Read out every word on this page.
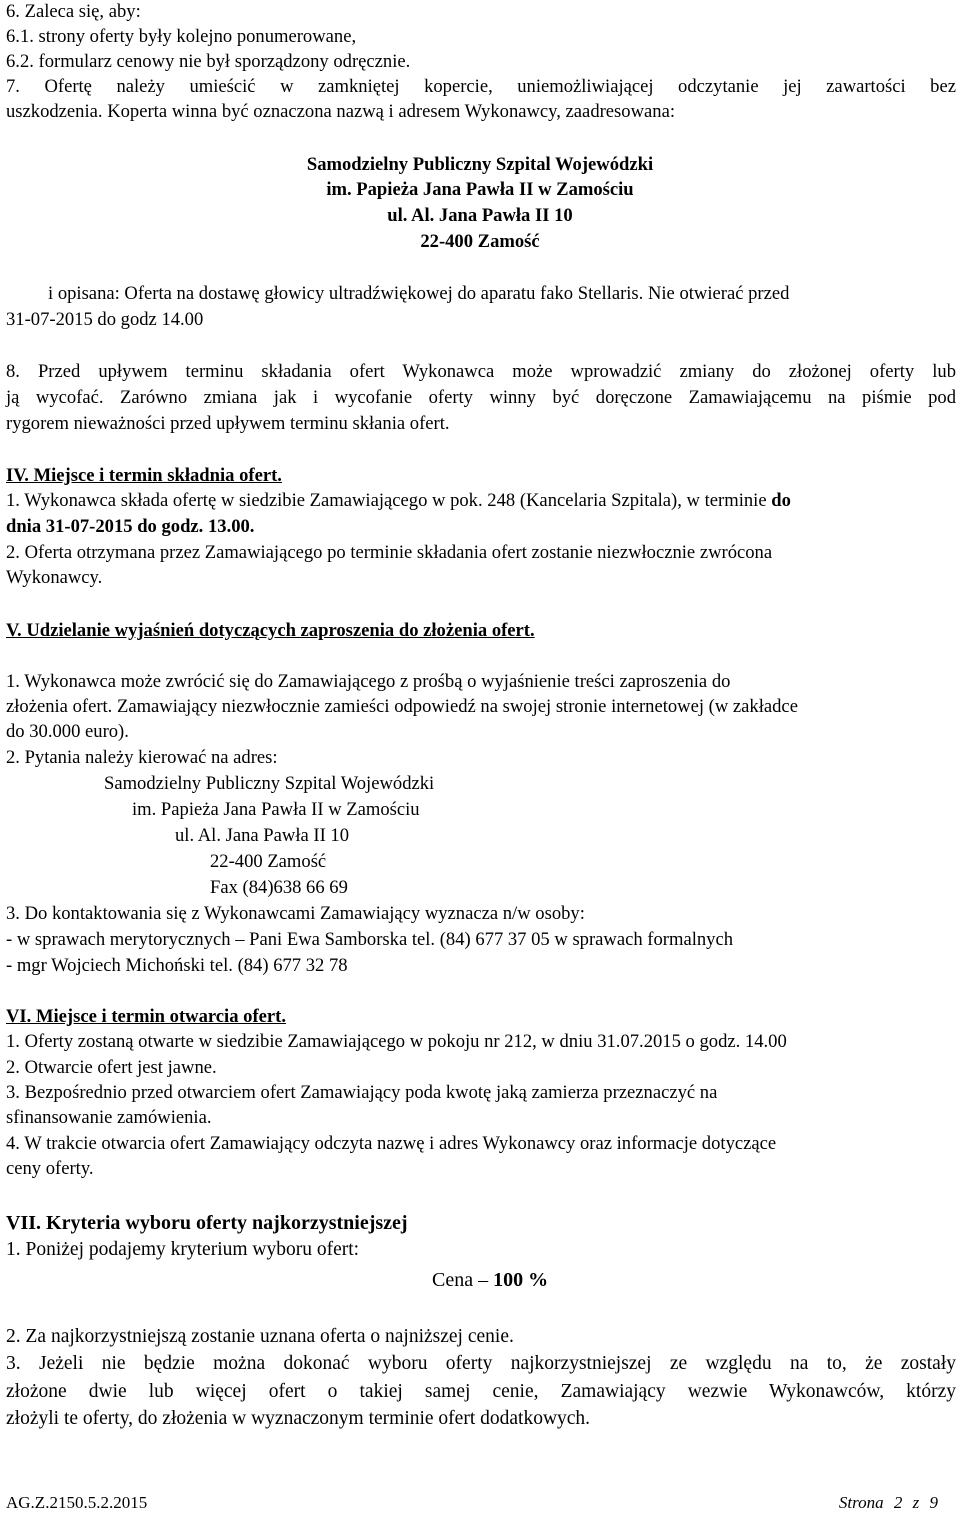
6. Zaleca się, aby:
6.1. strony oferty były kolejno ponumerowane,
6.2. formularz cenowy nie był sporządzony odręcznie.
7. Ofertę należy umieścić w zamkniętej kopercie, uniemożliwiającej odczytanie jej zawartości bez
uszkodzenia. Koperta winna być oznaczona nazwą i adresem Wykonawcy, zaadresowana:
Samodzielny Publiczny Szpital Wojewódzki
im. Papieża Jana Pawła II w Zamościu
ul. Al. Jana Pawła II 10
22-400 Zamość
i opisana: Oferta na dostawę głowicy ultradźwiękowej do aparatu fako Stellaris. Nie otwierać przed
31-07-2015 do godz 14.00
8. Przed upływem terminu składania ofert Wykonawca może wprowadzić zmiany do złożonej oferty lub
ją wycofać. Zarówno zmiana jak i wycofanie oferty winny być doręczone Zamawiającemu na piśmie pod
rygorem nieważności przed upływem terminu skłania ofert.
IV. Miejsce i termin składnia ofert.
1. Wykonawca składa ofertę w siedzibie Zamawiającego w pok. 248 (Kancelaria Szpitala), w terminie do
dnia 31-07-2015 do godz. 13.00.
2. Oferta otrzymana przez Zamawiającego po terminie składania ofert zostanie niezwłocznie zwrócona
Wykonawcy.
V. Udzielanie wyjaśnień dotyczących zaproszenia do złożenia ofert.
1. Wykonawca może zwrócić się do Zamawiającego z prośbą o wyjaśnienie treści zaproszenia do
złożenia ofert. Zamawiający niezwłocznie zamieści odpowiedź na swojej stronie internetowej (w zakładce
do 30.000 euro).
2. Pytania należy kierować na adres:
Samodzielny Publiczny Szpital Wojewódzki
im. Papieża Jana Pawła II w Zamościu
ul. Al. Jana Pawła II 10
22-400 Zamość
Fax (84)638 66 69
3. Do kontaktowania się z Wykonawcami Zamawiający wyznacza n/w osoby:
- w sprawach merytorycznych – Pani Ewa Samborska tel. (84) 677 37 05 w sprawach formalnych
- mgr Wojciech Michoński tel. (84) 677 32 78
VI. Miejsce i termin otwarcia ofert.
1. Oferty zostaną otwarte w siedzibie Zamawiającego w pokoju nr 212, w dniu 31.07.2015 o godz. 14.00
2. Otwarcie ofert jest jawne.
3. Bezpośrednio przed otwarciem ofert Zamawiający poda kwotę jaką zamierza przeznaczyć na
sfinansowanie zamówienia.
4. W trakcie otwarcia ofert Zamawiający odczyta nazwę i adres Wykonawcy oraz informacje dotyczące
ceny oferty.
VII. Kryteria wyboru oferty najkorzystniejszej
1. Poniżej podajemy kryterium wyboru ofert:
Cena – 100 %
2. Za najkorzystniejszą zostanie uznana oferta o najniższej cenie.
3. Jeżeli nie będzie można dokonać wyboru oferty najkorzystniejszej ze względu na to, że zostały
złożone dwie lub więcej ofert o takiej samej cenie, Zamawiający wezwie Wykonawców, którzy
złożyli te oferty, do złożenia w wyznaczonym terminie ofert dodatkowych.
AG.Z.2150.5.2.2015	Strona 2 z 9
